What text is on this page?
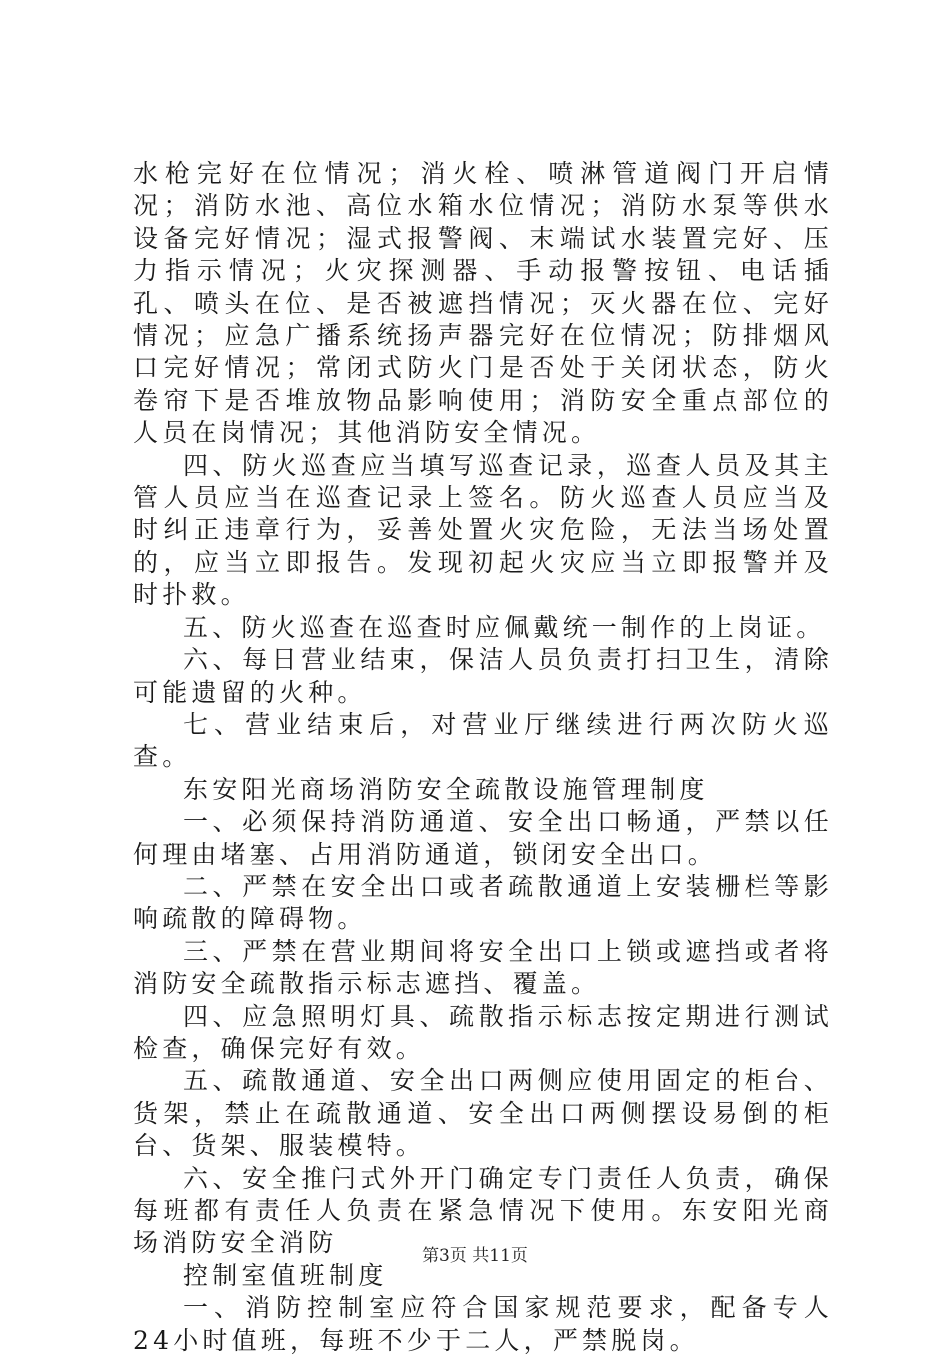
水枪完好在位情况；消火栓、喷淋管道阀门开启情况；消防水池、高位水箱水位情况；消防水泵等供水设备完好情况；湿式报警阀、末端试水装置完好、压力指示情况；火灾探测器、手动报警按钮、电话插孔、喷头在位、是否被遮挡情况；灭火器在位、完好情况；应急广播系统扬声器完好在位情况；防排烟风口完好情况；常闭式防火门是否处于关闭状态，防火卷帘下是否堆放物品影响使用；消防安全重点部位的人员在岗情况；其他消防安全情况。

四、防火巡查应当填写巡查记录，巡查人员及其主管人员应当在巡查记录上签名。防火巡查人员应当及时纠正违章行为，妥善处置火灾危险，无法当场处置的，应当立即报告。发现初起火灾应当立即报警并及时扑救。

五、防火巡查在巡查时应佩戴统一制作的上岗证。

六、每日营业结束，保洁人员负责打扫卫生，清除可能遗留的火种。

七、营业结束后，对营业厅继续进行两次防火巡查。

东安阳光商场消防安全疏散设施管理制度

一、必须保持消防通道、安全出口畅通，严禁以任何理由堵塞、占用消防通道，锁闭安全出口。

二、严禁在安全出口或者疏散通道上安装栅栏等影响疏散的障碍物。

三、严禁在营业期间将安全出口上锁或遮挡或者将消防安全疏散指示标志遮挡、覆盖。

四、应急照明灯具、疏散指示标志按定期进行测试检查，确保完好有效。

五、疏散通道、安全出口两侧应使用固定的柜台、货架，禁止在疏散通道、安全出口两侧摆设易倒的柜台、货架、服装模特。

六、安全推闩式外开门确定专门责任人负责，确保每班都有责任人负责在紧急情况下使用。东安阳光商场消防安全消防

控制室值班制度

一、消防控制室应符合国家规范要求，配备专人24小时值班，每班不少于二人，严禁脱岗。

第3页 共11页
